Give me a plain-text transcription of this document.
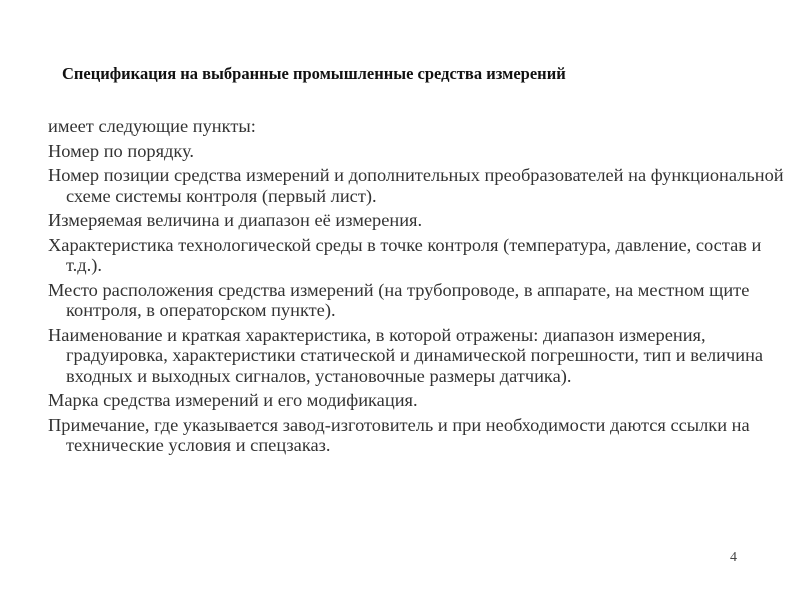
Спецификация на выбранные промышленные средства измерений

имеет следующие пункты:

Номер по порядку.

Номер позиции средства измерений и дополнительных преобразователей на функциональной схеме системы контроля (первый лист).

Измеряемая величина и диапазон её измерения.

Характеристика технологической среды в точке контроля (температура, давление, состав и т.д.).

Место расположения средства измерений (на трубопроводе, в аппарате, на местном щите контроля, в операторском пункте).

Наименование и краткая характеристика, в которой отражены: диапазон измерения, градуировка, характеристики статической и динамической погрешности, тип и величина входных и выходных сигналов, установочные размеры датчика).

Марка средства измерений и его модификация.

Примечание, где указывается завод-изготовитель и при необходимости даются ссылки на технические условия и спецзаказ.

4
